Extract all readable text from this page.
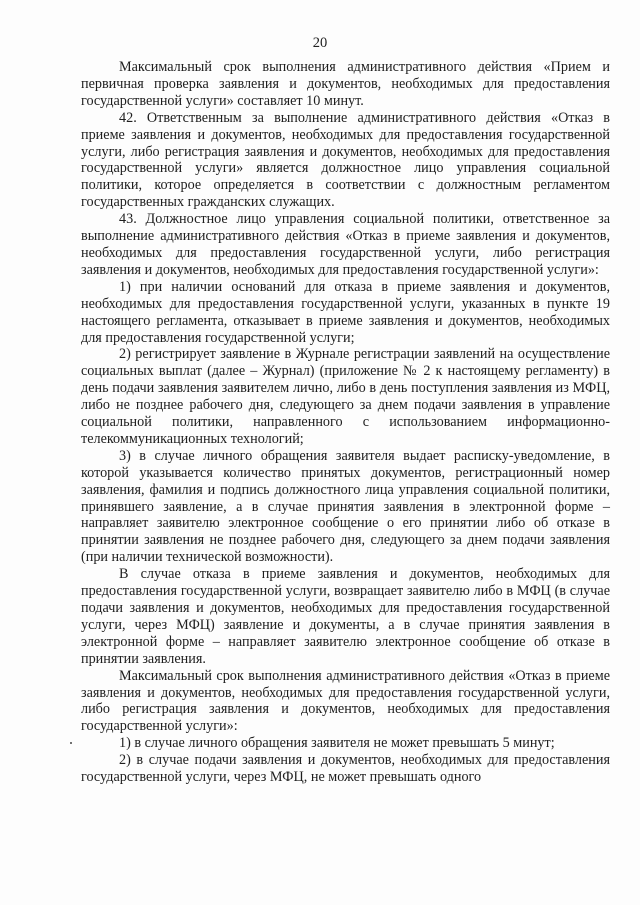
20

Максимальный срок выполнения административного действия «Прием и первичная проверка заявления и документов, необходимых для предоставления государственной услуги» составляет 10 минут.

42. Ответственным за выполнение административного действия «Отказ в приеме заявления и документов, необходимых для предоставления государственной услуги, либо регистрация заявления и документов, необходимых для предоставления государственной услуги» является должностное лицо управления социальной политики, которое определяется в соответствии с должностным регламентом государственных гражданских служащих.

43. Должностное лицо управления социальной политики, ответственное за выполнение административного действия «Отказ в приеме заявления и документов, необходимых для предоставления государственной услуги, либо регистрация заявления и документов, необходимых для предоставления государственной услуги»:

1) при наличии оснований для отказа в приеме заявления и документов, необходимых для предоставления государственной услуги, указанных в пункте 19 настоящего регламента, отказывает в приеме заявления и документов, необходимых для предоставления государственной услуги;

2) регистрирует заявление в Журнале регистрации заявлений на осуществление социальных выплат (далее – Журнал) (приложение № 2 к настоящему регламенту) в день подачи заявления заявителем лично, либо в день поступления заявления из МФЦ, либо не позднее рабочего дня, следующего за днем подачи заявления в управление социальной политики, направленного с использованием информационно-телекоммуникационных технологий;

3) в случае личного обращения заявителя выдает расписку-уведомление, в которой указывается количество принятых документов, регистрационный номер заявления, фамилия и подпись должностного лица управления социальной политики, принявшего заявление, а в случае принятия заявления в электронной форме – направляет заявителю электронное сообщение о его принятии либо об отказе в принятии заявления не позднее рабочего дня, следующего за днем подачи заявления (при наличии технической возможности).

В случае отказа в приеме заявления и документов, необходимых для предоставления государственной услуги, возвращает заявителю либо в МФЦ (в случае подачи заявления и документов, необходимых для предоставления государственной услуги, через МФЦ) заявление и документы, а в случае принятия заявления в электронной форме – направляет заявителю электронное сообщение об отказе в принятии заявления.

Максимальный срок выполнения административного действия «Отказ в приеме заявления и документов, необходимых для предоставления государственной услуги, либо регистрация заявления и документов, необходимых для предоставления государственной услуги»:

1) в случае личного обращения заявителя не может превышать 5 минут;

2) в случае подачи заявления и документов, необходимых для предоставления государственной услуги, через МФЦ, не может превышать одного
